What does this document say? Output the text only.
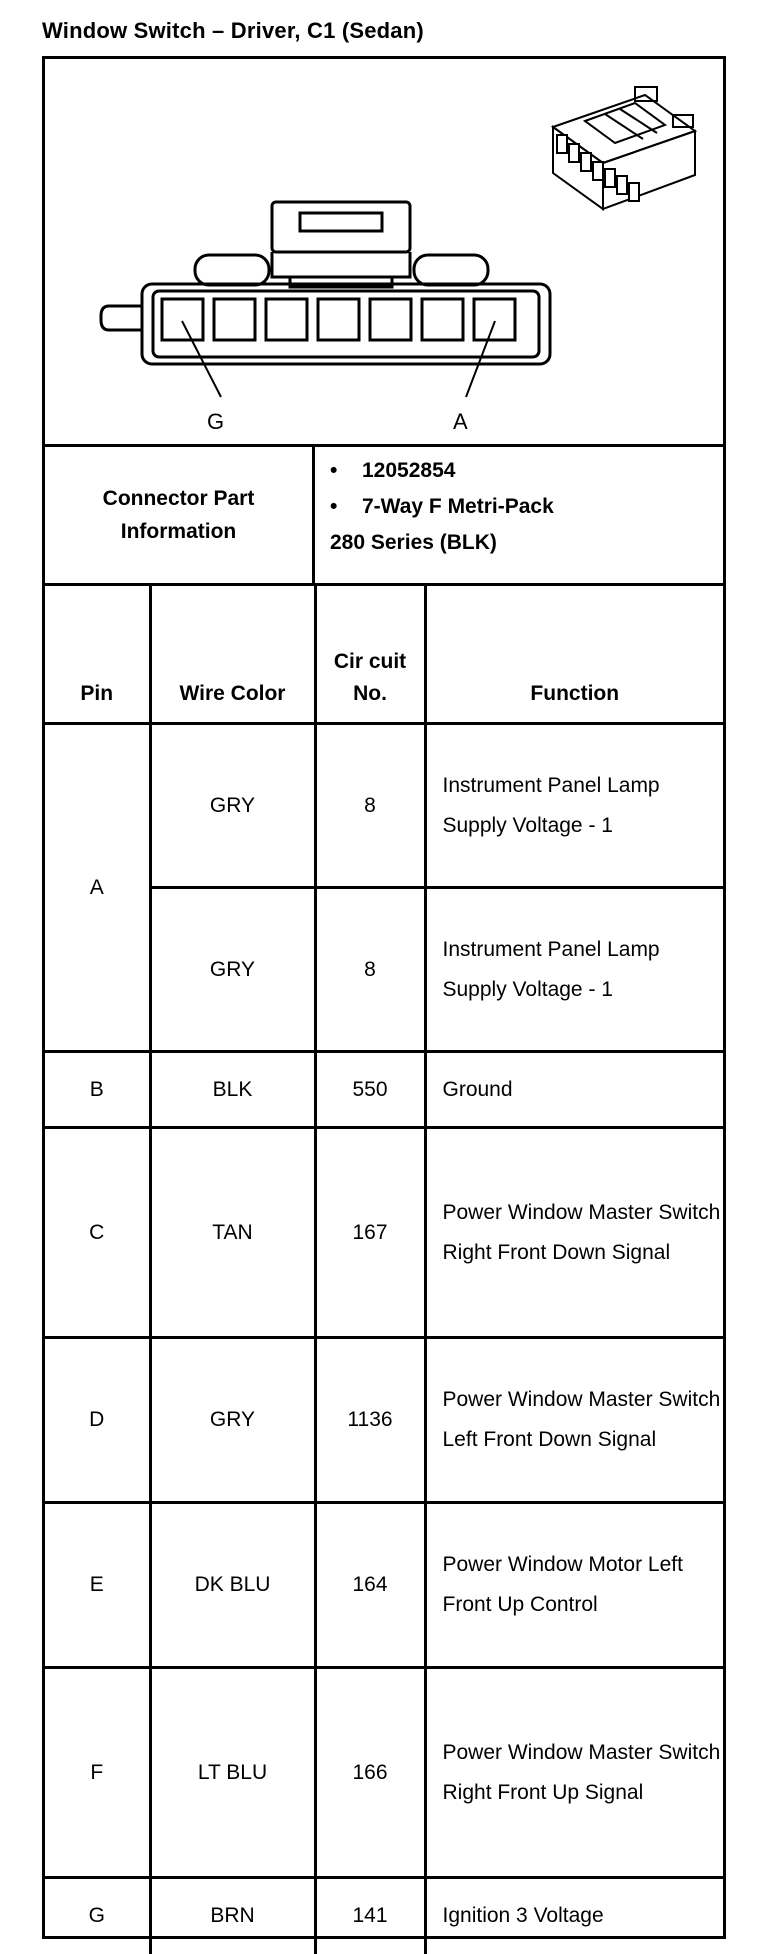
Window Switch – Driver, C1 (Sedan)
G	A
Connector Part Information
• 12052854
• 7-Way F Metri-Pack
280 Series (BLK)
Pin	Wire Color	Cir cuit No.	Function
A	GRY	8	Instrument Panel Lamp Supply Voltage - 1
	GRY	8	Instrument Panel Lamp Supply Voltage - 1
B	BLK	550	Ground
C	TAN	167	Power Window Master Switch Right Front Down Signal
D	GRY	1136	Power Window Master Switch Left Front Down Signal
E	DK BLU	164	Power Window Motor Left Front Up Control
F	LT BLU	166	Power Window Master Switch Right Front Up Signal
G	BRN	141	Ignition 3 Voltage
